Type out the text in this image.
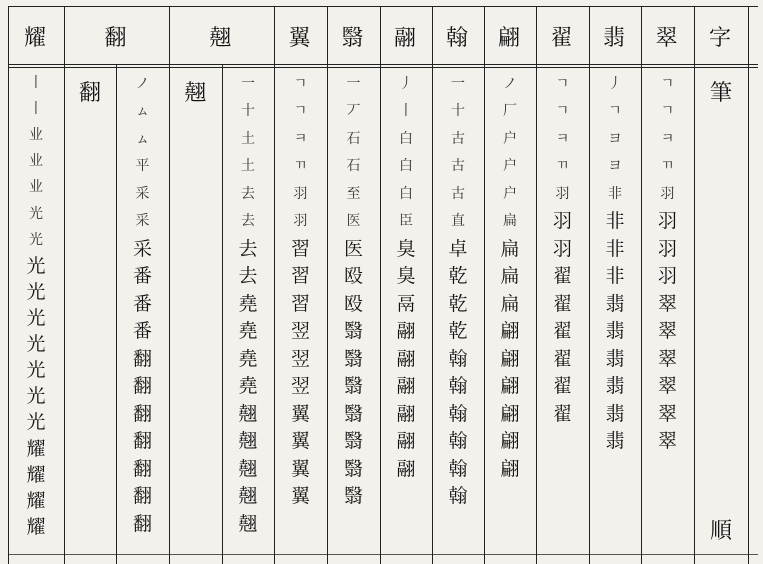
字
翠
翡
翟
翩
翰
翮
翳
翼
翹
翻
耀
筆
順
翻	翹	ㄱ
ㄱ
ㅋ
ㄲ
羽
羽
羽
羽
翠
翠
翠
翠
翠
翠
丿
ㄱ
ヨ
ヨ
非
非
非
非
翡
翡
翡
翡
翡
翡
ㄱ
ㄱ
ㅋ
ㄲ
羽
羽
羽
翟
翟
翟
翟
翟
翟
ノ
厂
户
户
户
扁
扁
扁
扁
翩
翩
翩
翩
翩
翩
一
十
古
古
古
直
卓
乾
乾
乾
翰
翰
翰
翰
翰
翰
丿
丨
白
白
白
臣
臭
臭
鬲
翮
翮
翮
翮
翮
翮
一
丆
石
石
至
医
医
殴
殴
翳
翳
翳
翳
翳
翳
翳
ㄱ
ㄱ
ㅋ
ㄲ
羽
羽
習
習
習
翌
翌
翌
翼
翼
翼
翼
一
十
土
土
去
去
去
去
堯
堯
堯
堯
翹
翹
翹
翹
翹
ノ
ㇺ
ㇺ
平
采
采
采
番
番
番
翻
翻
翻
翻
翻
翻
翻
丨
丨
业
业
业
光
光
光
光
光
光
光
光
光
耀
耀
耀
耀
